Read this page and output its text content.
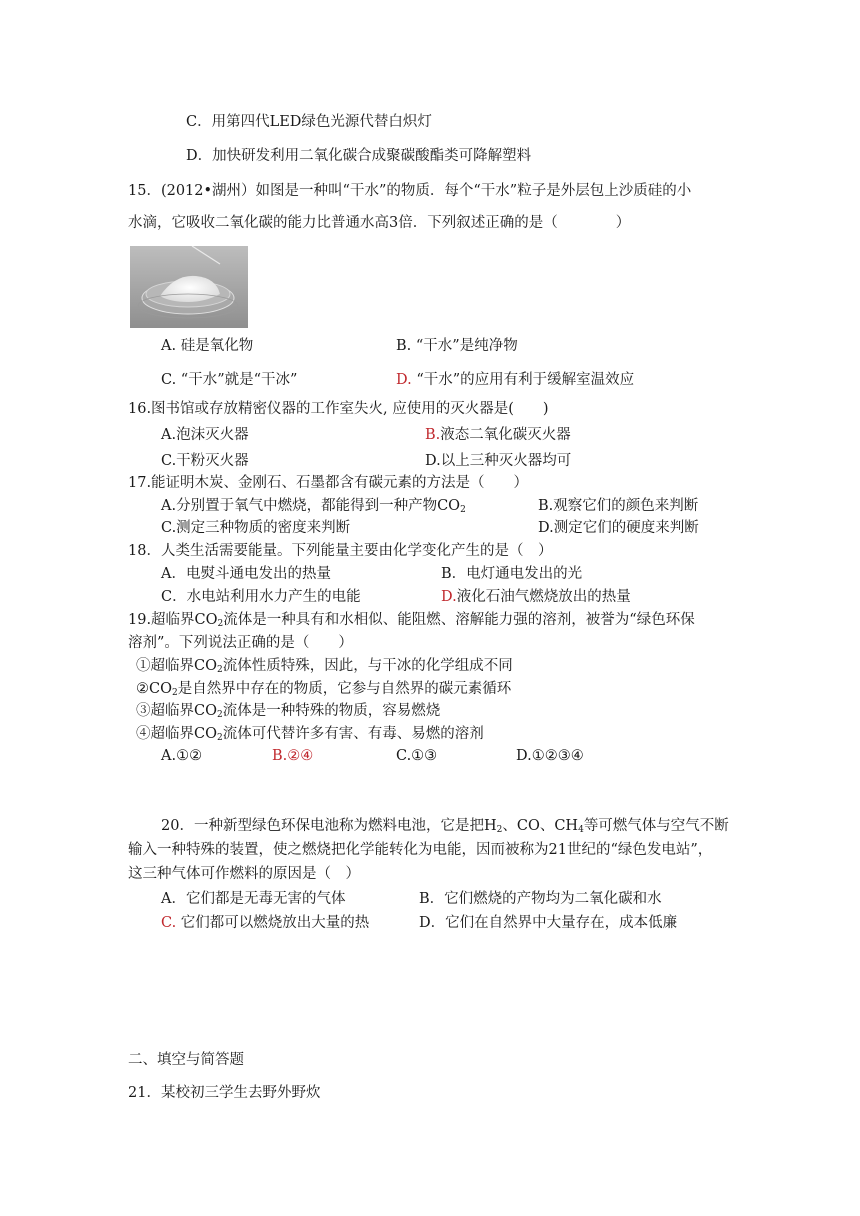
C．用第四代LED绿色光源代替白炽灯
D．加快研发利用二氧化碳合成聚碳酸酯类可降解塑料
15．(2012•湖州）如图是一种叫“干水”的物质．每个“干水”粒子是外层包上沙质硅的小
水滴，它吸收二氧化碳的能力比普通水高3倍．下列叙述正确的是（　　　　）
A. 硅是氧化物	B. “干水”是纯净物
C. “干水”就是“干冰”	D. “干水”的应用有利于缓解室温效应
16.图书馆或存放精密仪器的工作室失火, 应使用的灭火器是(　　)
A.泡沫灭火器	B.液态二氧化碳灭火器
C.干粉灭火器	D.以上三种灭火器均可
17.能证明木炭、金刚石、石墨都含有碳元素的方法是（　　）
A.分别置于氧气中燃烧，都能得到一种产物$CO_2$	B.观察它们的颜色来判断
C.测定三种物质的密度来判断	D.测定它们的硬度来判断
18．人类生活需要能量。下列能量主要由化学变化产生的是（　）
A．电熨斗通电发出的热量	B．电灯通电发出的光
C．水电站利用水力产生的电能	D.液化石油气燃烧放出的热量
19.超临界$CO_2$流体是一种具有和水相似、能阻燃、溶解能力强的溶剂，被誉为“绿色环保
溶剂”。下列说法正确的是（　　）
①超临界$CO_2$流体性质特殊，因此，与干冰的化学组成不同
$②CO_2$是自然界中存在的物质，它参与自然界的碳元素循环
③超临界$CO_2$流体是一种特殊的物质，容易燃烧
④超临界$CO_2$流体可代替许多有害、有毒、易燃的溶剂
A.①②	B.②④	C.①③	D.①②③④
20．一种新型绿色环保电池称为燃料电池，它是把$H_2$、CO、$CH_4$等可燃气体与空气不断
输入一种特殊的装置，使之燃烧把化学能转化为电能，因而被称为21世纪的“绿色发电站”，
这三种气体可作燃料的原因是（　）
A．它们都是无毒无害的气体	B．它们燃烧的产物均为二氧化碳和水
C. 它们都可以燃烧放出大量的热	D．它们在自然界中大量存在，成本低廉
二、填空与简答题
21．某校初三学生去野外野炊
